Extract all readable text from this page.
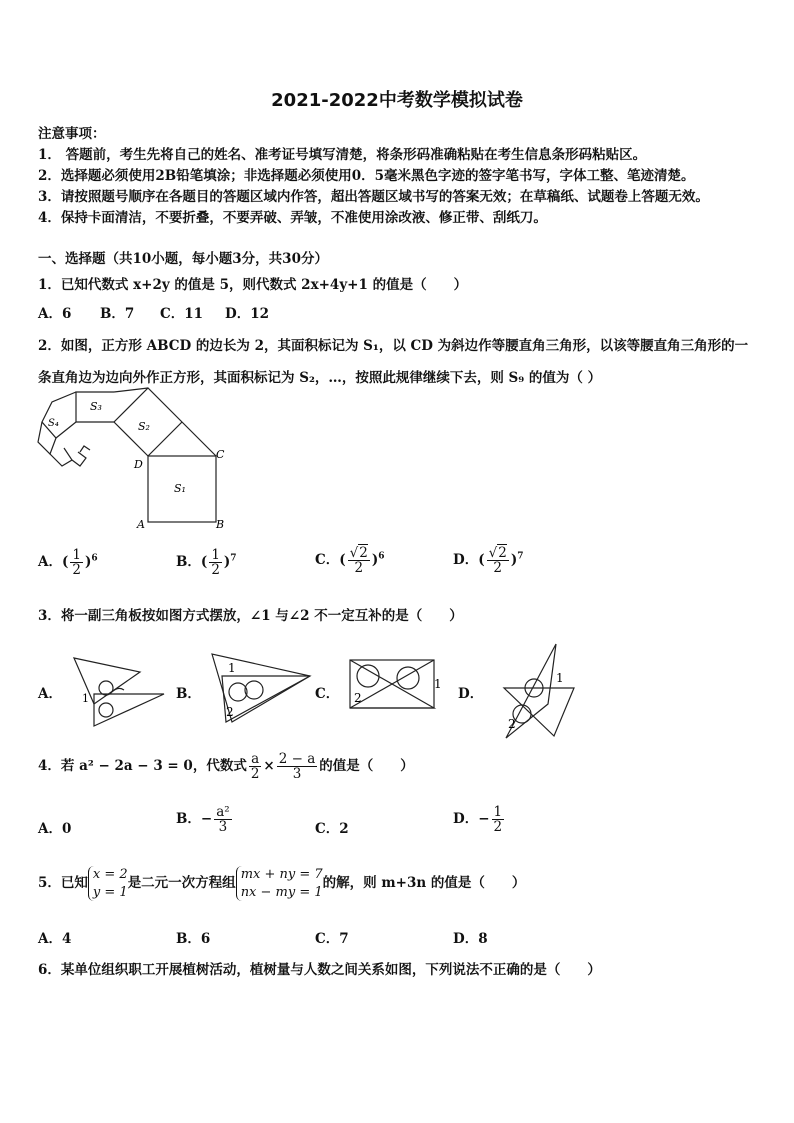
2021-2022中考数学模拟试卷
注意事项：
1． 答题前，考生先将自己的姓名、准考证号填写清楚，将条形码准确粘贴在考生信息条形码粘贴区。
2．选择题必须使用2B铅笔填涂；非选择题必须使用0．5毫米黑色字迹的签字笔书写，字体工整、笔迹清楚。
3．请按照题号顺序在各题目的答题区域内作答，超出答题区域书写的答案无效；在草稿纸、试题卷上答题无效。
4．保持卡面清洁，不要折叠，不要弄破、弄皱，不准使用涂改液、修正带、刮纸刀。
一、选择题（共10小题，每小题3分，共30分）
1．已知代数式 x+2y 的值是 5，则代数式 2x+4y+1 的值是（　　）
A．6 B．7 C．11 D．12
2．如图，正方形 ABCD 的边长为 2，其面积标记为 S₁，以 CD 为斜边作等腰直角三角形，以该等腰直角三角形的一
条直角边为边向外作正方形，其面积标记为 S₂，…，按照此规律继续下去，则 S₉ 的值为（ ）
S₁
S₂
S₃
S₄
A	B
C
D
A．( $\frac{1}{2} )^6$	B．( $\frac{1}{2} )^7$	C．( $\frac{√2}{2} )^6$	D．( $\frac{√2}{2} )^7$
3．将一副三角板按如图方式摆放，∠1 与∠2 不一定互补的是（　　）
A． 1	B．
1
2
C． 2
1
D．
1
2
4．若 a² − 2a − 3 = 0，代数式 $\frac{a}{2} \times \frac{2 - a}{3}$ 的值是（　　）
A．0
B．− $\frac{\text{a²}}{3}$	C．2
D．− $\frac{1}{2}$
5．已知
x = 2
y = 1
是二元一次方程组
mx + ny = 7
nx − my = 1
的解，则 m+3n 的值是（　　）
A．4	B．6	C．7	D．8
6．某单位组织职工开展植树活动，植树量与人数之间关系如图，下列说法不正确的是（　　）
